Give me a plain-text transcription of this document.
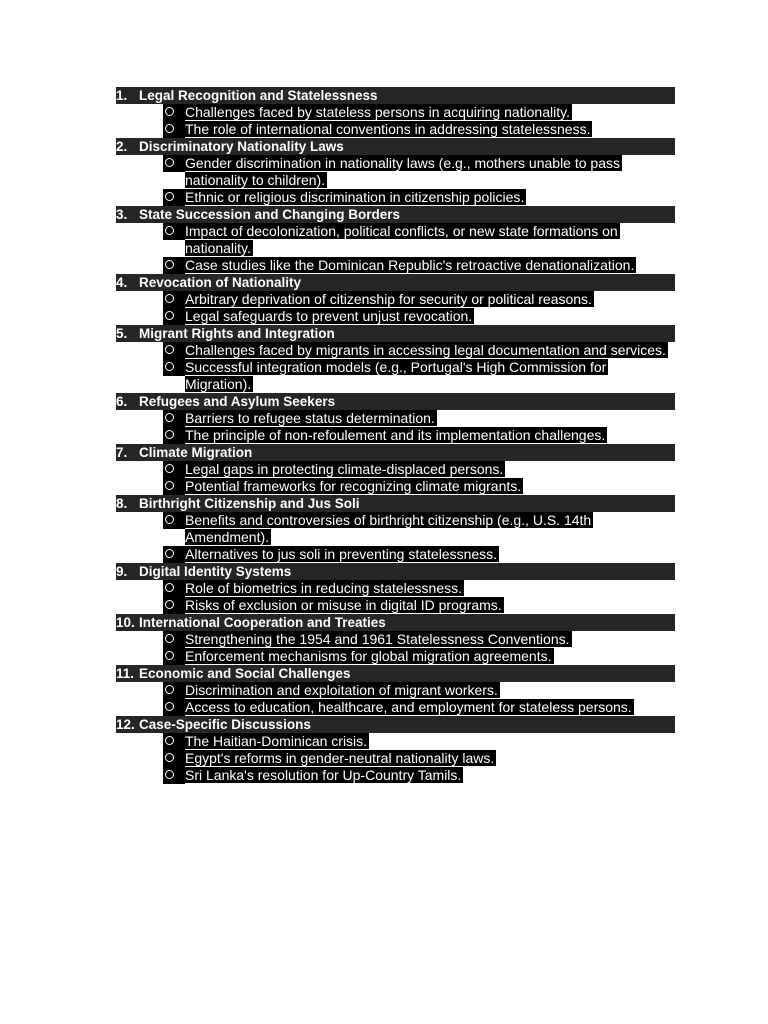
1. Legal Recognition and Statelessness
Challenges faced by stateless persons in acquiring nationality.
The role of international conventions in addressing statelessness.
2. Discriminatory Nationality Laws
Gender discrimination in nationality laws (e.g., mothers unable to pass nationality to children).
Ethnic or religious discrimination in citizenship policies.
3. State Succession and Changing Borders
Impact of decolonization, political conflicts, or new state formations on nationality.
Case studies like the Dominican Republic's retroactive denationalization.
4. Revocation of Nationality
Arbitrary deprivation of citizenship for security or political reasons.
Legal safeguards to prevent unjust revocation.
5. Migrant Rights and Integration
Challenges faced by migrants in accessing legal documentation and services.
Successful integration models (e.g., Portugal's High Commission for Migration).
6. Refugees and Asylum Seekers
Barriers to refugee status determination.
The principle of non-refoulement and its implementation challenges.
7. Climate Migration
Legal gaps in protecting climate-displaced persons.
Potential frameworks for recognizing climate migrants.
8. Birthright Citizenship and Jus Soli
Benefits and controversies of birthright citizenship (e.g., U.S. 14th Amendment).
Alternatives to jus soli in preventing statelessness.
9. Digital Identity Systems
Role of biometrics in reducing statelessness.
Risks of exclusion or misuse in digital ID programs.
10. International Cooperation and Treaties
Strengthening the 1954 and 1961 Statelessness Conventions.
Enforcement mechanisms for global migration agreements.
11. Economic and Social Challenges
Discrimination and exploitation of migrant workers.
Access to education, healthcare, and employment for stateless persons.
12. Case-Specific Discussions
The Haitian-Dominican crisis.
Egypt's reforms in gender-neutral nationality laws.
Sri Lanka's resolution for Up-Country Tamils.
